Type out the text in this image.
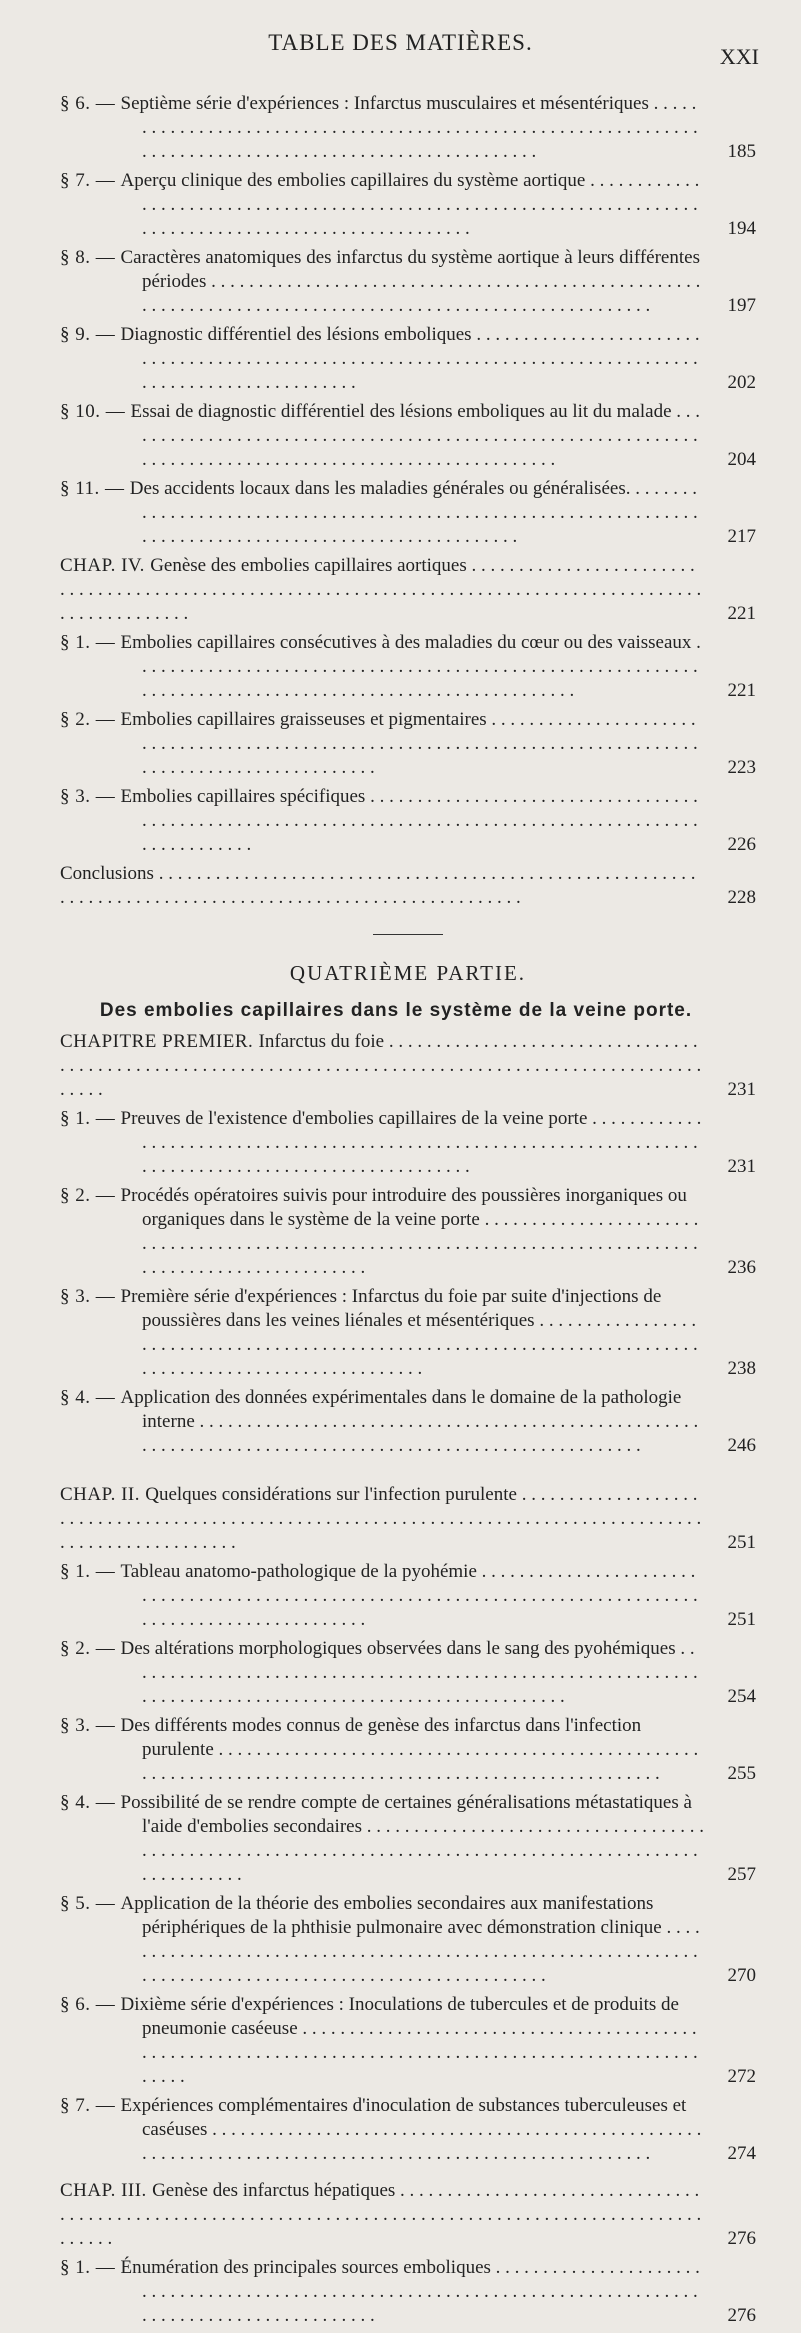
TABLE DES MATIÈRES.
XXI
§ 6. — Septième série d'expériences : Infarctus musculaires et mésentériques . . .
185
§ 7. — Aperçu clinique des embolies capillaires du système aortique . . .
194
§ 8. — Caractères anatomiques des infarctus du système aortique à leurs différentes périodes . . .
197
§ 9. — Diagnostic différentiel des lésions emboliques . . .
202
§ 10. — Essai de diagnostic différentiel des lésions emboliques au lit du malade . . .
204
§ 11. — Des accidents locaux dans les maladies générales ou généralisées. . . .
217
CHAP. IV. Genèse des embolies capillaires aortiques . . .
221
§ 1. — Embolies capillaires consécutives à des maladies du cœur ou des vaisseaux . . .
221
§ 2. — Embolies capillaires graisseuses et pigmentaires . . .
223
§ 3. — Embolies capillaires spécifiques . . .
226
Conclusions . . .
228
QUATRIÈME PARTIE.
Des embolies capillaires dans le système de la veine porte.
CHAPITRE PREMIER. Infarctus du foie . . .
231
§ 1. — Preuves de l'existence d'embolies capillaires de la veine porte . . .
231
§ 2. — Procédés opératoires suivis pour introduire des poussières inorganiques ou organiques dans le système de la veine porte . . .
236
§ 3. — Première série d'expériences : Infarctus du foie par suite d'injections de poussières dans les veines liénales et mésentériques . . .
238
§ 4. — Application des données expérimentales dans le domaine de la pathologie interne . . .
246
CHAP. II. Quelques considérations sur l'infection purulente . . .
251
§ 1. — Tableau anatomo-pathologique de la pyohémie . . .
251
§ 2. — Des altérations morphologiques observées dans le sang des pyohémiques . . .
254
§ 3. — Des différents modes connus de genèse des infarctus dans l'infection purulente . . .
255
§ 4. — Possibilité de se rendre compte de certaines généralisations métastatiques à l'aide d'embolies secondaires . . .
257
§ 5. — Application de la théorie des embolies secondaires aux manifestations périphériques de la phthisie pulmonaire avec démonstration clinique . . .
270
§ 6. — Dixième série d'expériences : Inoculations de tubercules et de produits de pneumonie caséeuse . . .
272
§ 7. — Expériences complémentaires d'inoculation de substances tuberculeuses et caséuses . . .
274
CHAP. III. Genèse des infarctus hépatiques . . .
276
§ 1. — Énumération des principales sources emboliques . . .
276
